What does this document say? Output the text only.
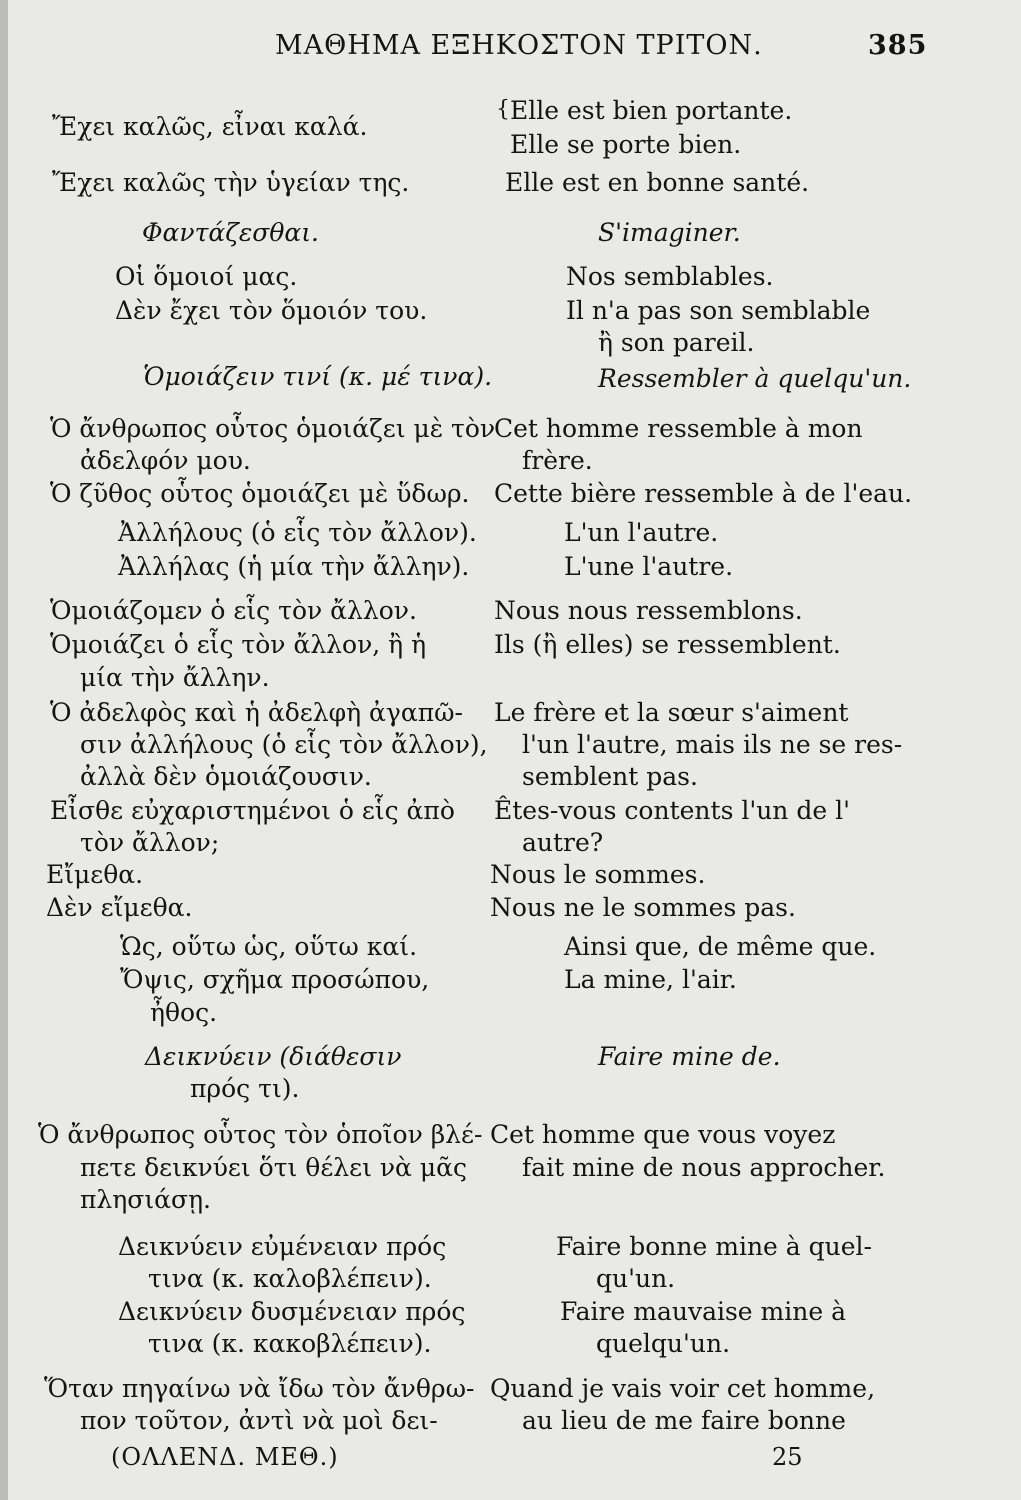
ΜΑΘΗΜΑ ΕΞΗΚΟΣΤΟΝ ΤΡΙΤΟΝ.	385
Ἔχει καλῶς, εἶναι καλά.
Ἔχει καλῶς τὴν ὑγείαν της.
Φαντάζεσθαι.
Οἱ ὅμοιοί μας.
Δὲν ἔχει τὸν ὅμοιόν του.
Ὁμοιάζειν τινί (κ. μέ τινα).
Ὁ ἄνθρωπος οὗτος ὁμοιάζει μὲ τὸν
ἀδελφόν μου.
Ὁ ζῦθος οὗτος ὁμοιάζει μὲ ὕδωρ.
Ἀλλήλους (ὁ εἷς τὸν ἄλλον).
Ἀλλήλας (ἡ μία τὴν ἄλλην).
Ὁμοιάζομεν ὁ εἷς τὸν ἄλλον.
Ὁμοιάζει ὁ εἷς τὸν ἄλλον, ἢ ἡ
μία τὴν ἄλλην.
Ὁ ἀδελφὸς καὶ ἡ ἀδελφὴ ἀγαπῶ-
σιν ἀλλήλους (ὁ εἷς τὸν ἄλλον),
ἀλλὰ δὲν ὁμοιάζουσιν.
Εἶσθε εὐχαριστημένοι ὁ εἷς ἀπὸ
τὸν ἄλλον;
Εἴμεθα.
Δὲν εἴμεθα.
Ὡς, οὕτω ὡς, οὕτω καί.
Ὄψις, σχῆμα προσώπου,
ἦθος.
Δεικνύειν (διάθεσιν
πρός τι).
Ὁ ἄνθρωπος οὗτος τὸν ὁποῖον βλέ-
πετε δεικνύει ὅτι θέλει νὰ μᾶς
πλησιάσῃ.
Δεικνύειν εὐμένειαν πρός
τινα (κ. καλοβλέπειν).
Δεικνύειν δυσμένειαν πρός
τινα (κ. κακοβλέπειν).
Ὅταν πηγαίνω νὰ ἴδω τὸν ἄνθρω-
πον τοῦτον, ἀντὶ νὰ μοὶ δει-
{ Elle est bien portante.
Elle se porte bien.
Elle est en bonne santé.
S'imaginer.
Nos semblables.
Il n'a pas son semblable
ἢ son pareil.
Ressembler à quelqu'un.
Cet homme ressemble à mon
frère.
Cette bière ressemble à de l'eau.
L'un l'autre.
L'une l'autre.
Nous nous ressemblons.
Ils (ἢ elles) se ressemblent.
Le frère et la sœur s'aiment
l'un l'autre, mais ils ne se res-
semblent pas.
Êtes-vous contents l'un de l'
autre?
Nous le sommes.
Nous ne le sommes pas.
Ainsi que, de même que.
La mine, l'air.
Faire mine de.
Cet homme que vous voyez
fait mine de nous approcher.
Faire bonne mine à quel-
qu'un.
Faire mauvaise mine à
quelqu'un.
Quand je vais voir cet homme,
au lieu de me faire bonne
(ΟΛΛΕΝΔ. ΜΕΘ.)	25
